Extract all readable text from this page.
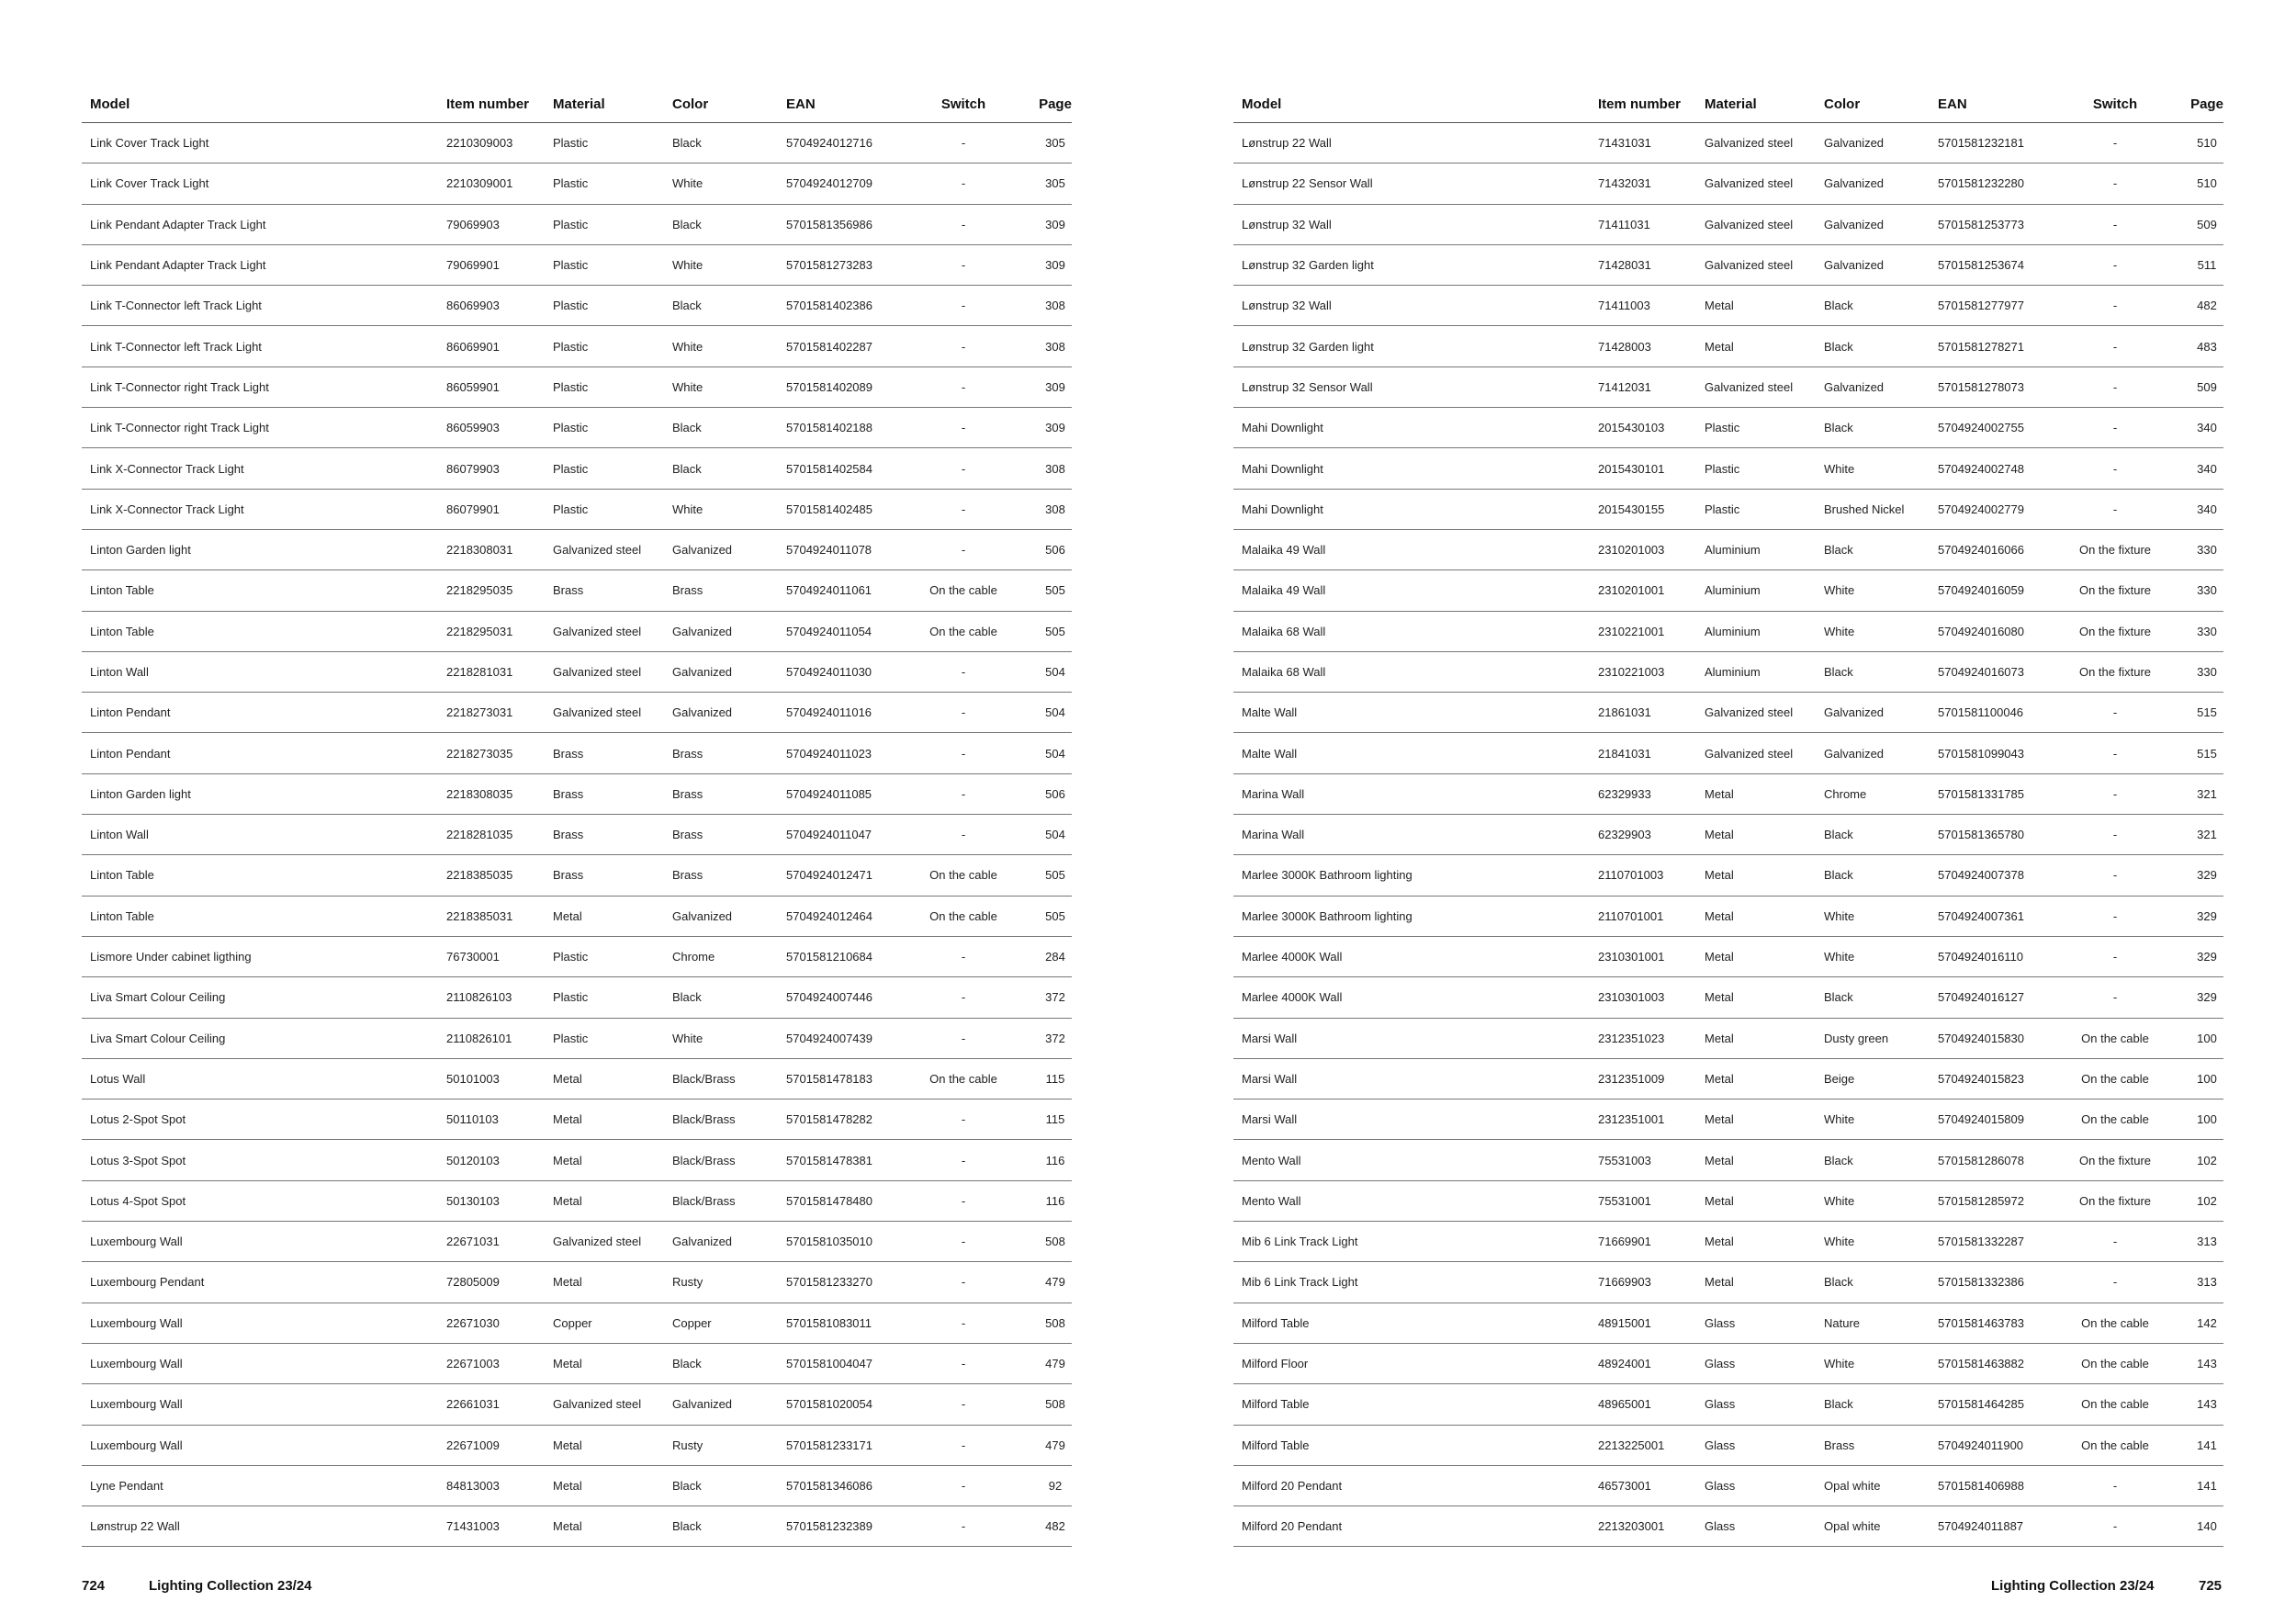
Model	Item number	Material	Color	EAN	Switch	Page
Link Cover Track Light	2210309003	Plastic	Black	5704924012716	-	305
Link Cover Track Light	2210309001	Plastic	White	5704924012709	-	305
Link Pendant Adapter Track Light	79069903	Plastic	Black	5701581356986	-	309
Link Pendant Adapter Track Light	79069901	Plastic	White	5701581273283	-	309
Link T-Connector left Track Light	86069903	Plastic	Black	5701581402386	-	308
Link T-Connector left Track Light	86069901	Plastic	White	5701581402287	-	308
Link T-Connector right Track Light	86059901	Plastic	White	5701581402089	-	309
Link T-Connector right Track Light	86059903	Plastic	Black	5701581402188	-	309
Link X-Connector Track Light	86079903	Plastic	Black	5701581402584	-	308
Link X-Connector Track Light	86079901	Plastic	White	5701581402485	-	308
Linton Garden light	2218308031	Galvanized steel	Galvanized	5704924011078	-	506
Linton Table	2218295035	Brass	Brass	5704924011061	On the cable	505
Linton Table	2218295031	Galvanized steel	Galvanized	5704924011054	On the cable	505
Linton Wall	2218281031	Galvanized steel	Galvanized	5704924011030	-	504
Linton Pendant	2218273031	Galvanized steel	Galvanized	5704924011016	-	504
Linton Pendant	2218273035	Brass	Brass	5704924011023	-	504
Linton Garden light	2218308035	Brass	Brass	5704924011085	-	506
Linton Wall	2218281035	Brass	Brass	5704924011047	-	504
Linton Table	2218385035	Brass	Brass	5704924012471	On the cable	505
Linton Table	2218385031	Metal	Galvanized	5704924012464	On the cable	505
Lismore Under cabinet ligthing	76730001	Plastic	Chrome	5701581210684	-	284
Liva Smart Colour Ceiling	2110826103	Plastic	Black	5704924007446	-	372
Liva Smart Colour Ceiling	2110826101	Plastic	White	5704924007439	-	372
Lotus Wall	50101003	Metal	Black/Brass	5701581478183	On the cable	115
Lotus 2-Spot Spot	50110103	Metal	Black/Brass	5701581478282	-	115
Lotus 3-Spot Spot	50120103	Metal	Black/Brass	5701581478381	-	116
Lotus 4-Spot Spot	50130103	Metal	Black/Brass	5701581478480	-	116
Luxembourg Wall	22671031	Galvanized steel	Galvanized	5701581035010	-	508
Luxembourg Pendant	72805009	Metal	Rusty	5701581233270	-	479
Luxembourg Wall	22671030	Copper	Copper	5701581083011	-	508
Luxembourg Wall	22671003	Metal	Black	5701581004047	-	479
Luxembourg Wall	22661031	Galvanized steel	Galvanized	5701581020054	-	508
Luxembourg Wall	22671009	Metal	Rusty	5701581233171	-	479
Lyne Pendant	84813003	Metal	Black	5701581346086	-	92
Lønstrup 22 Wall	71431003	Metal	Black	5701581232389	-	482
724	Lighting Collection 23/24
Model	Item number	Material	Color	EAN	Switch	Page
Lønstrup 22 Wall	71431031	Galvanized steel	Galvanized	5701581232181	-	510
Lønstrup 22 Sensor Wall	71432031	Galvanized steel	Galvanized	5701581232280	-	510
Lønstrup 32 Wall	71411031	Galvanized steel	Galvanized	5701581253773	-	509
Lønstrup 32 Garden light	71428031	Galvanized steel	Galvanized	5701581253674	-	511
Lønstrup 32 Wall	71411003	Metal	Black	5701581277977	-	482
Lønstrup 32 Garden light	71428003	Metal	Black	5701581278271	-	483
Lønstrup 32 Sensor Wall	71412031	Galvanized steel	Galvanized	5701581278073	-	509
Mahi Downlight	2015430103	Plastic	Black	5704924002755	-	340
Mahi Downlight	2015430101	Plastic	White	5704924002748	-	340
Mahi Downlight	2015430155	Plastic	Brushed Nickel	5704924002779	-	340
Malaika 49 Wall	2310201003	Aluminium	Black	5704924016066	On the fixture	330
Malaika 49 Wall	2310201001	Aluminium	White	5704924016059	On the fixture	330
Malaika 68 Wall	2310221001	Aluminium	White	5704924016080	On the fixture	330
Malaika 68 Wall	2310221003	Aluminium	Black	5704924016073	On the fixture	330
Malte Wall	21861031	Galvanized steel	Galvanized	5701581100046	-	515
Malte Wall	21841031	Galvanized steel	Galvanized	5701581099043	-	515
Marina Wall	62329933	Metal	Chrome	5701581331785	-	321
Marina Wall	62329903	Metal	Black	5701581365780	-	321
Marlee 3000K Bathroom lighting	2110701003	Metal	Black	5704924007378	-	329
Marlee 3000K Bathroom lighting	2110701001	Metal	White	5704924007361	-	329
Marlee 4000K Wall	2310301001	Metal	White	5704924016110	-	329
Marlee 4000K Wall	2310301003	Metal	Black	5704924016127	-	329
Marsi Wall	2312351023	Metal	Dusty green	5704924015830	On the cable	100
Marsi Wall	2312351009	Metal	Beige	5704924015823	On the cable	100
Marsi Wall	2312351001	Metal	White	5704924015809	On the cable	100
Mento Wall	75531003	Metal	Black	5701581286078	On the fixture	102
Mento Wall	75531001	Metal	White	5701581285972	On the fixture	102
Mib 6 Link Track Light	71669901	Metal	White	5701581332287	-	313
Mib 6 Link Track Light	71669903	Metal	Black	5701581332386	-	313
Milford Table	48915001	Glass	Nature	5701581463783	On the cable	142
Milford Floor	48924001	Glass	White	5701581463882	On the cable	143
Milford Table	48965001	Glass	Black	5701581464285	On the cable	143
Milford Table	2213225001	Glass	Brass	5704924011900	On the cable	141
Milford 20 Pendant	46573001	Glass	Opal white	5701581406988	-	141
Milford 20 Pendant	2213203001	Glass	Opal white	5704924011887	-	140
Lighting Collection 23/24	725
